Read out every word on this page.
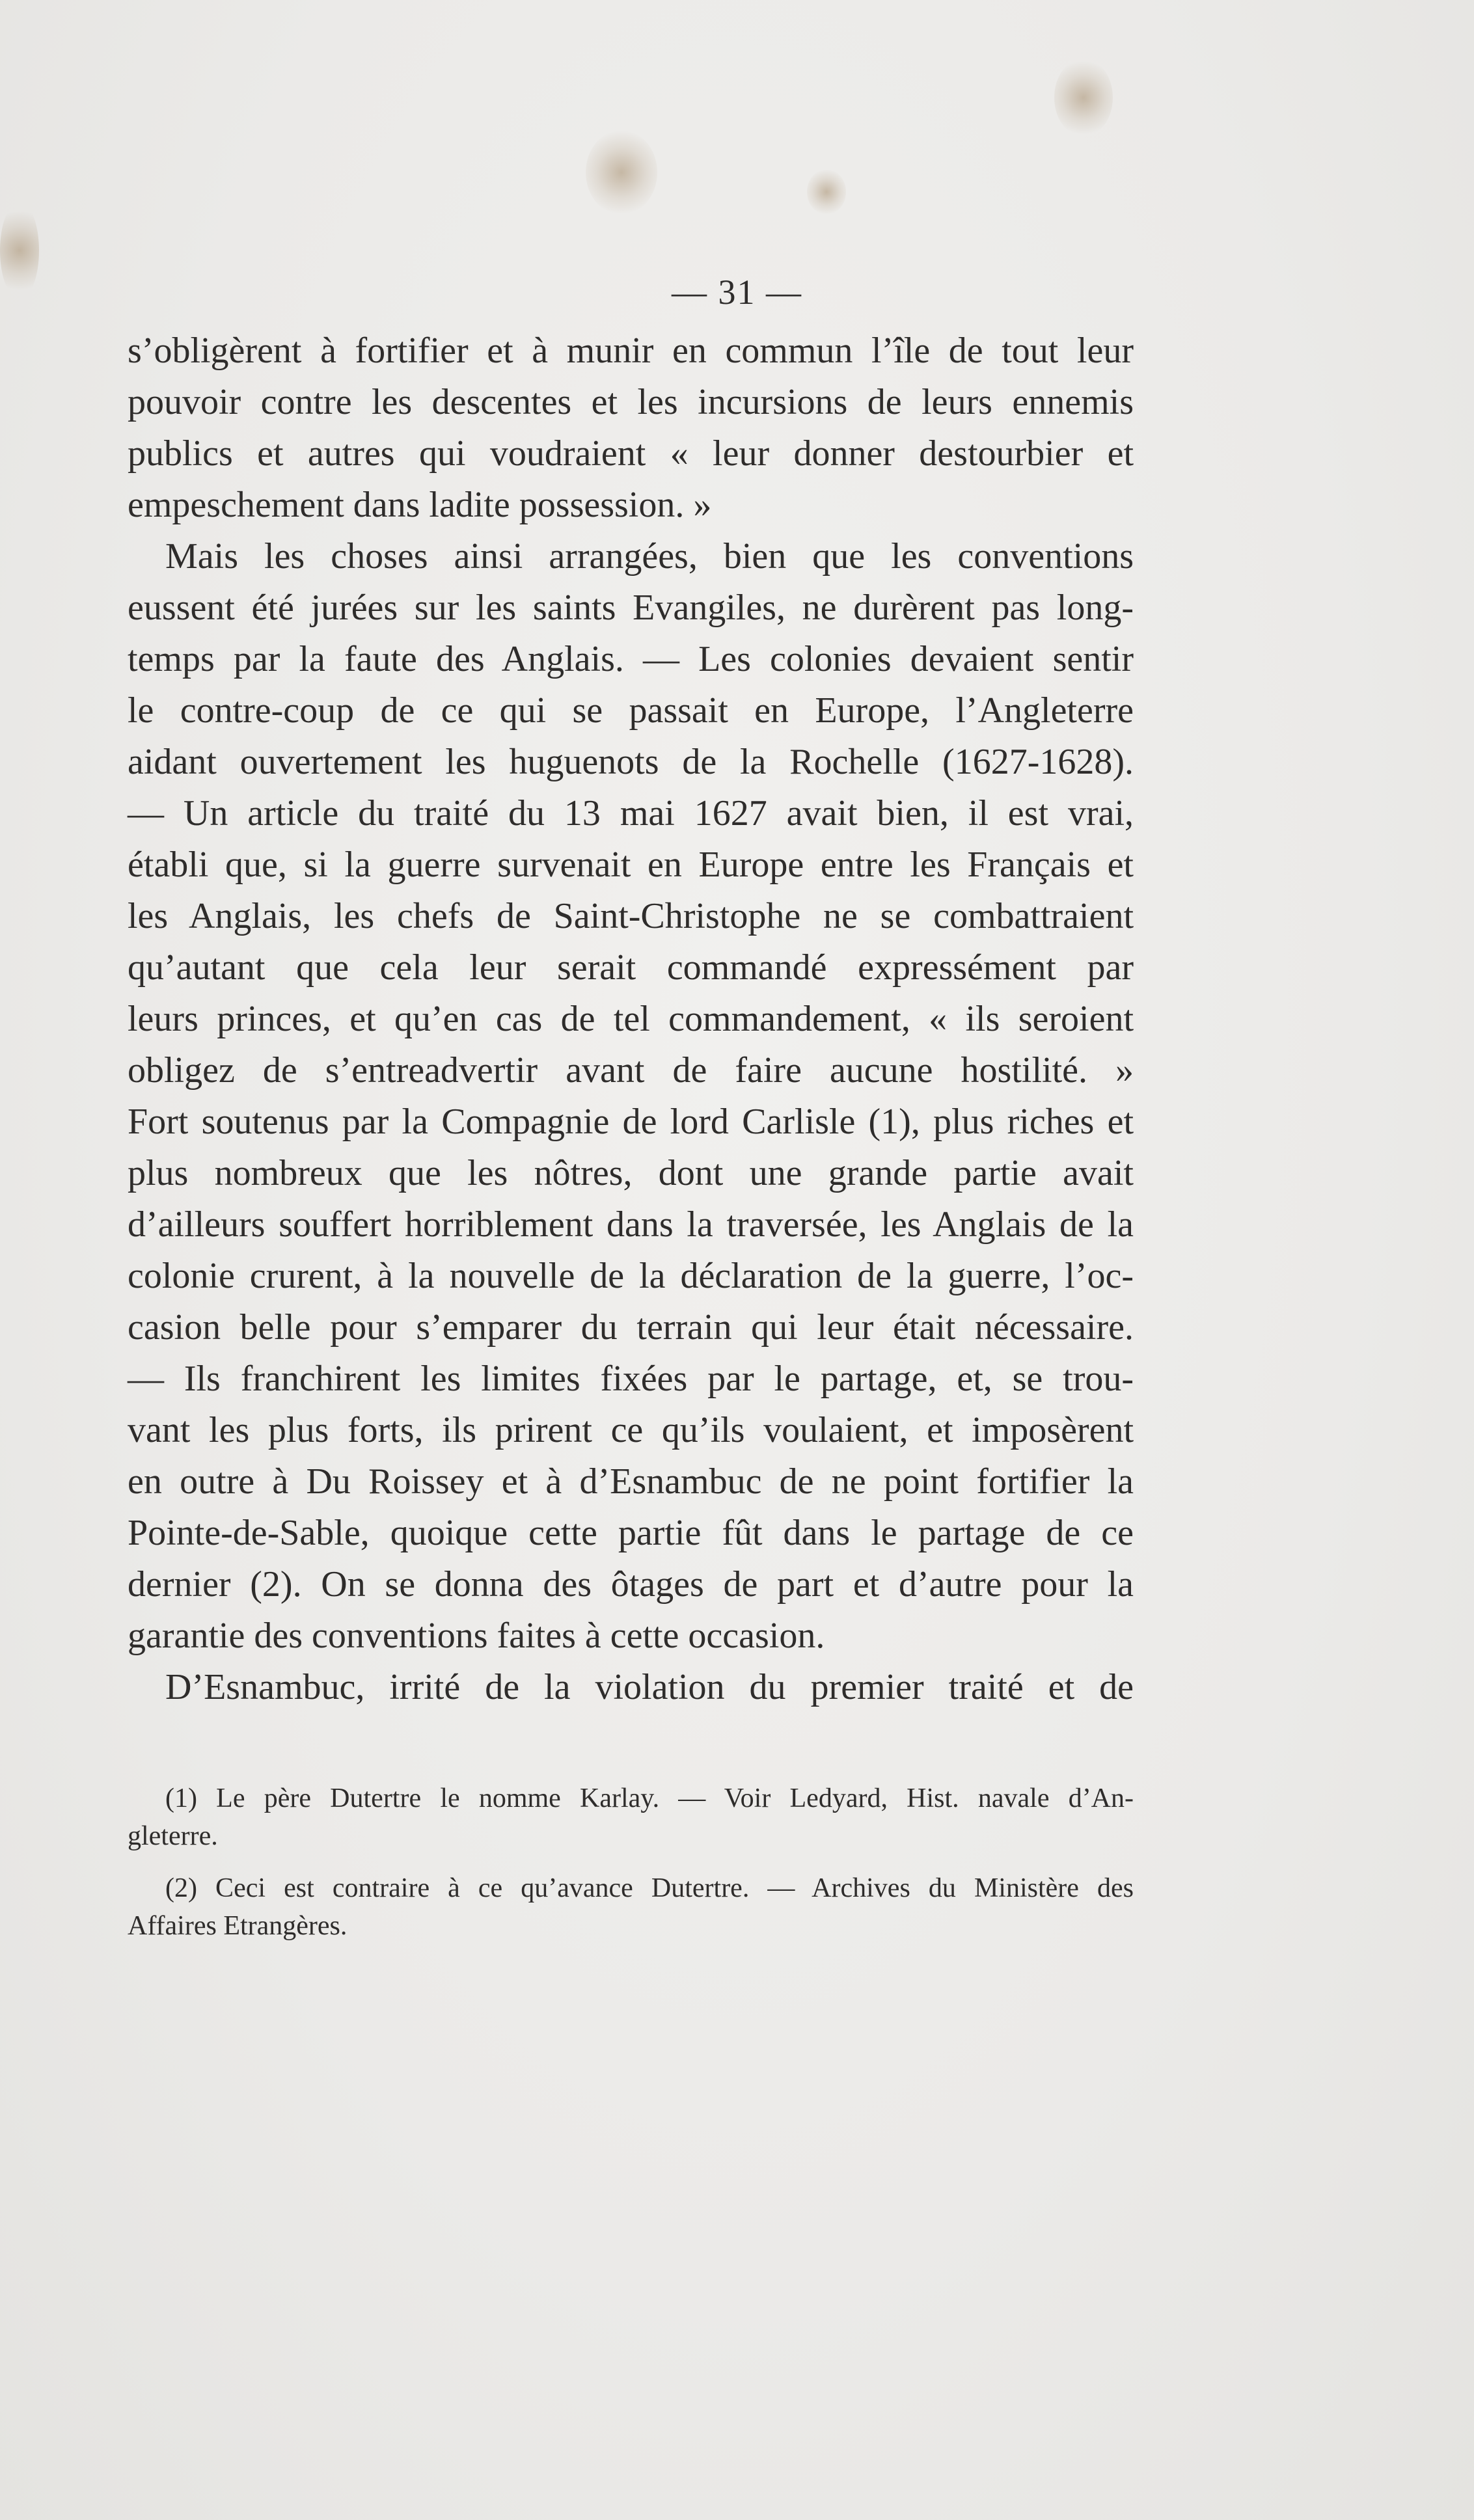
— 31 —
s’obligèrent à fortifier et à munir en commun l’île de tout leur
pouvoir contre les descentes et les incursions de leurs ennemis
publics et autres qui voudraient « leur donner destourbier et
empeschement dans ladite possession. »
Mais les choses ainsi arrangées, bien que les conventions
eussent été jurées sur les saints Evangiles, ne durèrent pas long-
temps par la faute des Anglais. — Les colonies devaient sentir
le contre-coup de ce qui se passait en Europe, l’Angleterre
aidant ouvertement les huguenots de la Rochelle (1627-1628).
— Un article du traité du 13 mai 1627 avait bien, il est vrai,
établi que, si la guerre survenait en Europe entre les Français et
les Anglais, les chefs de Saint-Christophe ne se combattraient
qu’autant que cela leur serait commandé expressément par
leurs princes, et qu’en cas de tel commandement, « ils seroient
obligez de s’entreadvertir avant de faire aucune hostilité. »
Fort soutenus par la Compagnie de lord Carlisle (1), plus riches et
plus nombreux que les nôtres, dont une grande partie avait
d’ailleurs souffert horriblement dans la traversée, les Anglais de la
colonie crurent, à la nouvelle de la déclaration de la guerre, l’oc-
casion belle pour s’emparer du terrain qui leur était nécessaire.
— Ils franchirent les limites fixées par le partage, et, se trou-
vant les plus forts, ils prirent ce qu’ils voulaient, et imposèrent
en outre à Du Roissey et à d’Esnambuc de ne point fortifier la
Pointe-de-Sable, quoique cette partie fût dans le partage de ce
dernier (2). On se donna des ôtages de part et d’autre pour la
garantie des conventions faites à cette occasion.
D’Esnambuc, irrité de la violation du premier traité et de
(1) Le père Dutertre le nomme Karlay. — Voir Ledyard, Hist. navale d’An-
gleterre.
(2) Ceci est contraire à ce qu’avance Dutertre. — Archives du Ministère des
Affaires Etrangères.
